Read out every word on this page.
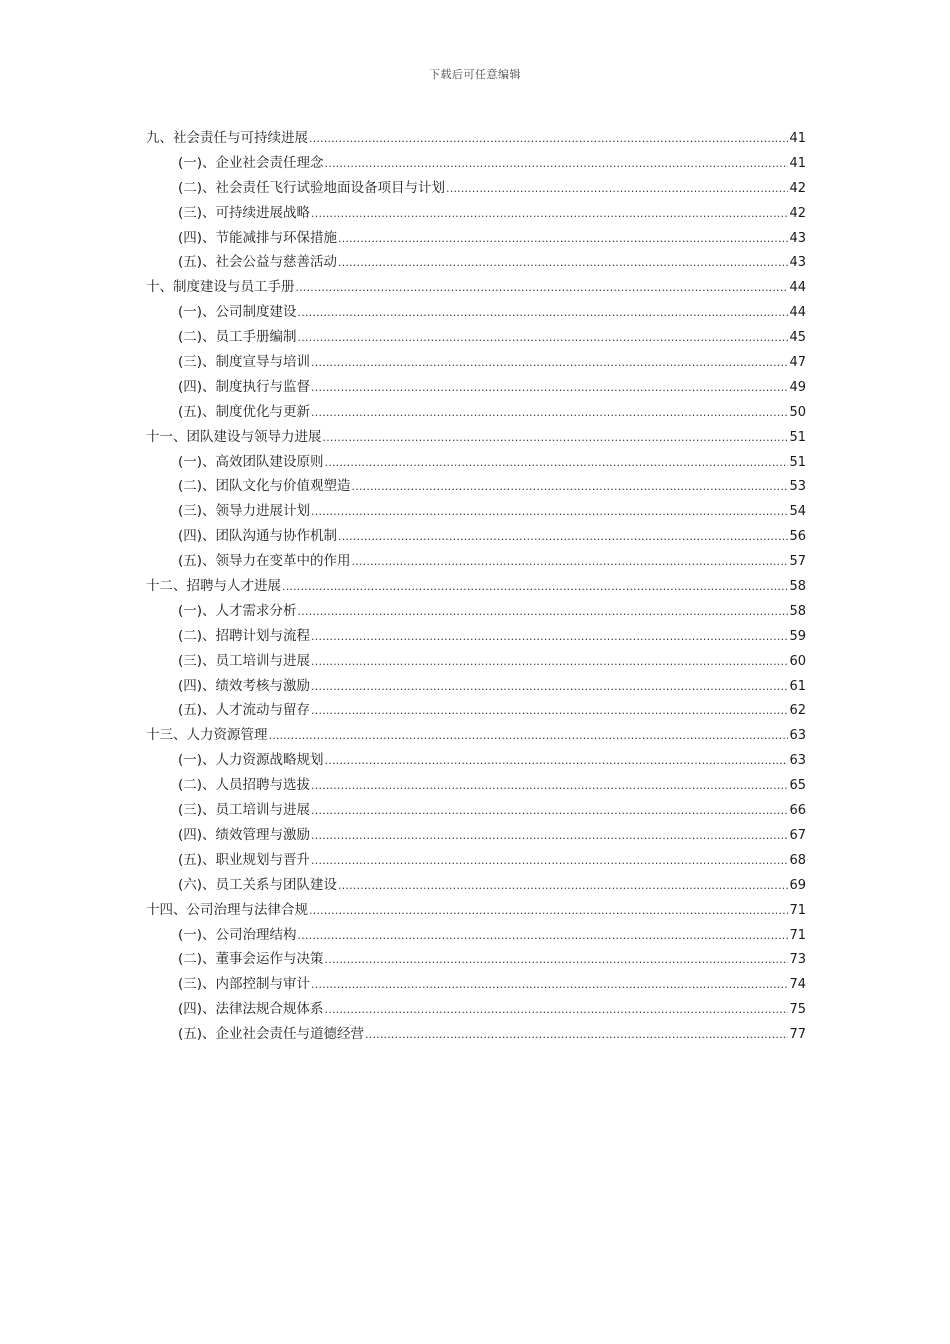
下载后可任意编辑
九、社会责任与可持续进展 .....	41
(一)、企业社会责任理念 .....	41
(二)、社会责任飞行试验地面设备项目与计划 .....	42
(三)、可持续进展战略 .....	42
(四)、节能减排与环保措施 .....	43
(五)、社会公益与慈善活动 .....	43
十、制度建设与员工手册 .....	44
(一)、公司制度建设 .....	44
(二)、员工手册编制 .....	45
(三)、制度宣导与培训 .....	47
(四)、制度执行与监督 .....	49
(五)、制度优化与更新 .....	50
十一、团队建设与领导力进展 .....	51
(一)、高效团队建设原则 .....	51
(二)、团队文化与价值观塑造 .....	53
(三)、领导力进展计划 .....	54
(四)、团队沟通与协作机制 .....	56
(五)、领导力在变革中的作用 .....	57
十二、招聘与人才进展 .....	58
(一)、人才需求分析 .....	58
(二)、招聘计划与流程 .....	59
(三)、员工培训与进展 .....	60
(四)、绩效考核与激励 .....	61
(五)、人才流动与留存 .....	62
十三、人力资源管理 .....	63
(一)、人力资源战略规划 .....	63
(二)、人员招聘与选拔 .....	65
(三)、员工培训与进展 .....	66
(四)、绩效管理与激励 .....	67
(五)、职业规划与晋升 .....	68
(六)、员工关系与团队建设 .....	69
十四、公司治理与法律合规 .....	71
(一)、公司治理结构 .....	71
(二)、董事会运作与决策 .....	73
(三)、内部控制与审计 .....	74
(四)、法律法规合规体系 .....	75
(五)、企业社会责任与道德经营 .....	77
